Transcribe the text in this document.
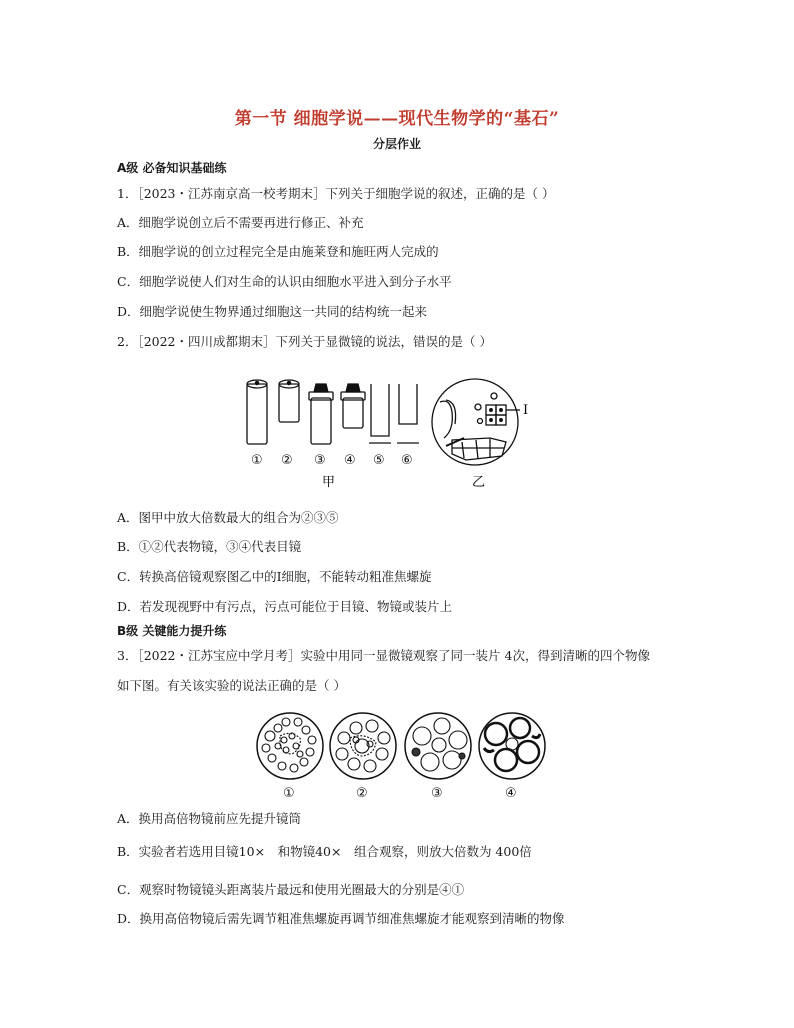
第一节 细胞学说——现代生物学的“基石”
分层作业
A级 必备知识基础练
1．［2023・江苏南京高一校考期末］下列关于细胞学说的叙述，正确的是（ ）
A．细胞学说创立后不需要再进行修正、补充
B．细胞学说的创立过程完全是由施莱登和施旺两人完成的
C．细胞学说使人们对生命的认识由细胞水平进入到分子水平
D．细胞学说使生物界通过细胞这一共同的结构统一起来
2．［2022・四川成都期末］下列关于显微镜的说法，错误的是（ ）
I
① ② ③ ④ ⑤ ⑥
甲	乙
A．图甲中放大倍数最大的组合为②③⑤
B．①②代表物镜，③④代表目镜
C．转换高倍镜观察图乙中的Ⅰ细胞，不能转动粗准焦螺旋
D．若发现视野中有污点，污点可能位于目镜、物镜或装片上
B级 关键能力提升练
3．［2022・江苏宝应中学月考］实验中用同一显微镜观察了同一装片 4次，得到清晰的四个物像
如下图。有关该实验的说法正确的是（ ）
①	②	③	④
A．换用高倍物镜前应先提升镜筒
B．实验者若选用目镜10×　和物镜40×　组合观察，则放大倍数为 400倍
C．观察时物镜镜头距离装片最远和使用光圈最大的分别是④①
D．换用高倍物镜后需先调节粗准焦螺旋再调节细准焦螺旋才能观察到清晰的物像
